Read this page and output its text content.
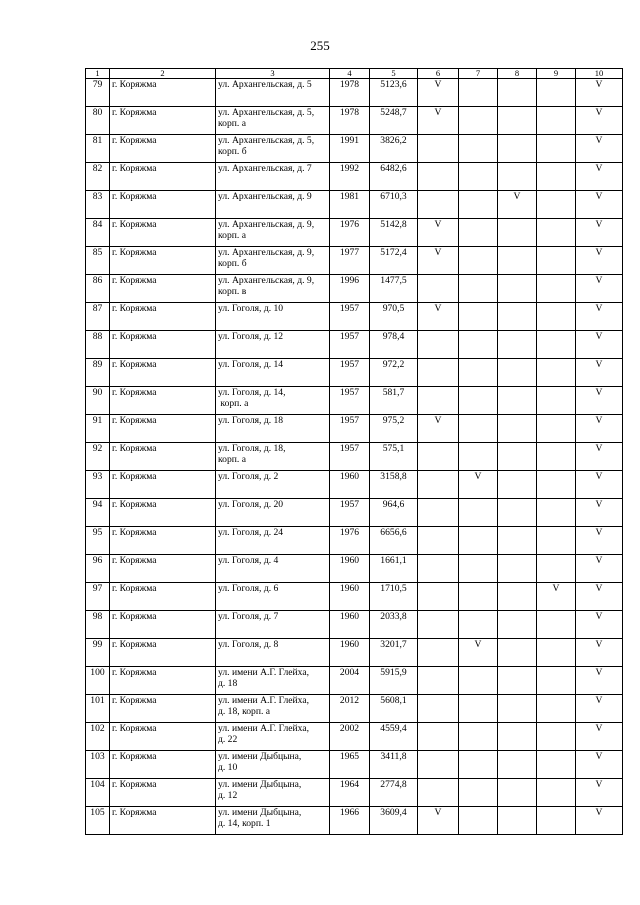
255
1	2	3	4	5	6	7	8	9	10
79	г. Коряжма	ул. Архангельская, д. 5	1978	5123,6	V				V
80	г. Коряжма	ул. Архангельская, д. 5,
корп. а	1978	5248,7	V				V
81	г. Коряжма	ул. Архангельская, д. 5,
корп. б	1991	3826,2					V
82	г. Коряжма	ул. Архангельская, д. 7	1992	6482,6					V
83	г. Коряжма	ул. Архангельская, д. 9	1981	6710,3			V		V
84	г. Коряжма	ул. Архангельская, д. 9,
корп. а	1976	5142,8	V				V
85	г. Коряжма	ул. Архангельская, д. 9,
корп. б	1977	5172,4	V				V
86	г. Коряжма	ул. Архангельская, д. 9,
корп. в	1996	1477,5					V
87	г. Коряжма	ул. Гоголя, д. 10	1957	970,5	V				V
88	г. Коряжма	ул. Гоголя, д. 12	1957	978,4					V
89	г. Коряжма	ул. Гоголя, д. 14	1957	972,2					V
90	г. Коряжма	ул. Гоголя, д. 14,
корп. а	1957	581,7					V
91	г. Коряжма	ул. Гоголя, д. 18	1957	975,2	V				V
92	г. Коряжма	ул. Гоголя, д. 18,
корп. а	1957	575,1					V
93	г. Коряжма	ул. Гоголя, д. 2	1960	3158,8		V			V
94	г. Коряжма	ул. Гоголя, д. 20	1957	964,6					V
95	г. Коряжма	ул. Гоголя, д. 24	1976	6656,6					V
96	г. Коряжма	ул. Гоголя, д. 4	1960	1661,1					V
97	г. Коряжма	ул. Гоголя, д. 6	1960	1710,5				V	V
98	г. Коряжма	ул. Гоголя, д. 7	1960	2033,8					V
99	г. Коряжма	ул. Гоголя, д. 8	1960	3201,7		V			V
100	г. Коряжма	ул. имени А.Г. Глейха,
д. 18	2004	5915,9					V
101	г. Коряжма	ул. имени А.Г. Глейха,
д. 18, корп. а	2012	5608,1					V
102	г. Коряжма	ул. имени А.Г. Глейха,
д. 22	2002	4559,4					V
103	г. Коряжма	ул. имени Дыбцына,
д. 10	1965	3411,8					V
104	г. Коряжма	ул. имени Дыбцына,
д. 12	1964	2774,8					V
105	г. Коряжма	ул. имени Дыбцына,
д. 14, корп. 1	1966	3609,4	V				V
